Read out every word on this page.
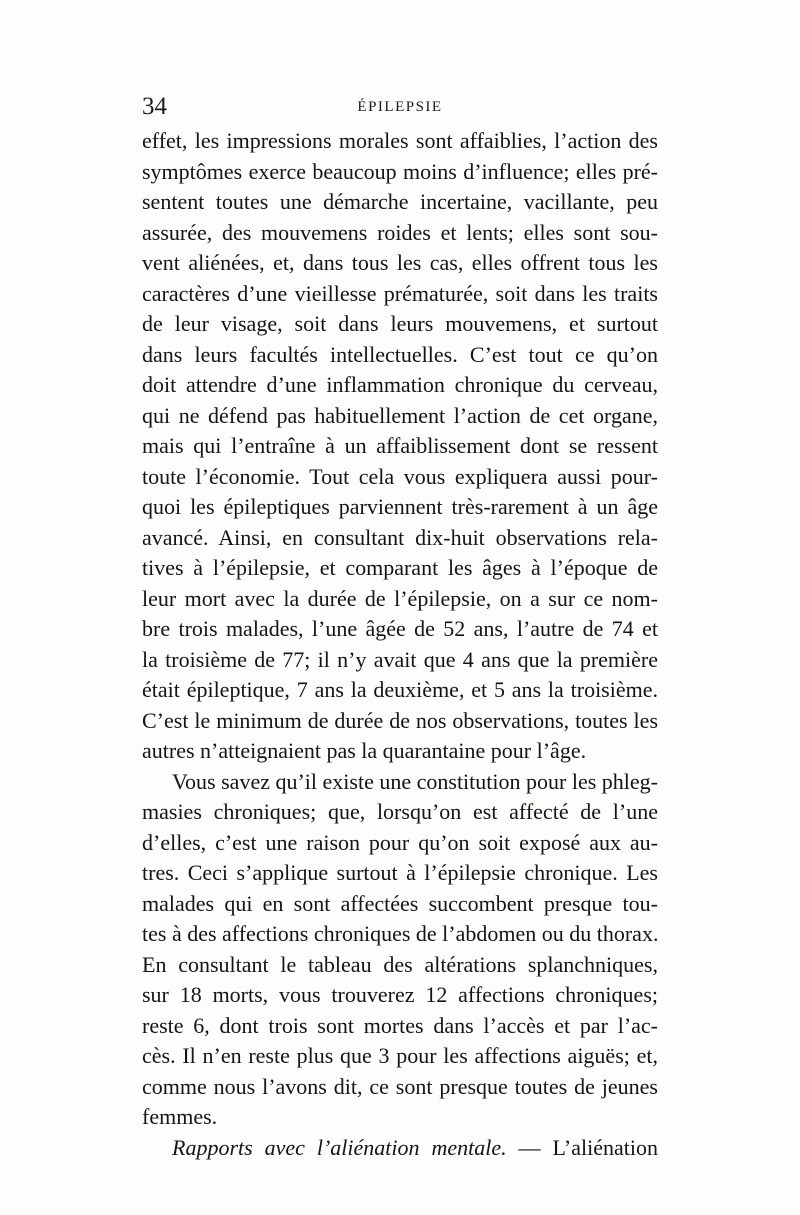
34	ÉPILEPSIE
effet, les impressions morales sont affaiblies, l’action des
symptômes exerce beaucoup moins d’influence; elles pré-
sentent toutes une démarche incertaine, vacillante, peu
assurée, des mouvemens roides et lents; elles sont sou-
vent aliénées, et, dans tous les cas, elles offrent tous les
caractères d’une vieillesse prématurée, soit dans les traits
de leur visage, soit dans leurs mouvemens, et surtout
dans leurs facultés intellectuelles. C’est tout ce qu’on
doit attendre d’une inflammation chronique du cerveau,
qui ne défend pas habituellement l’action de cet organe,
mais qui l’entraîne à un affaiblissement dont se ressent
toute l’économie. Tout cela vous expliquera aussi pour-
quoi les épileptiques parviennent très-rarement à un âge
avancé. Ainsi, en consultant dix-huit observations rela-
tives à l’épilepsie, et comparant les âges à l’époque de
leur mort avec la durée de l’épilepsie, on a sur ce nom-
bre trois malades, l’une âgée de 52 ans, l’autre de 74 et
la troisième de 77; il n’y avait que 4 ans que la première
était épileptique, 7 ans la deuxième, et 5 ans la troisième.
C’est le minimum de durée de nos observations, toutes les
autres n’atteignaient pas la quarantaine pour l’âge.
Vous savez qu’il existe une constitution pour les phleg-
masies chroniques; que, lorsqu’on est affecté de l’une
d’elles, c’est une raison pour qu’on soit exposé aux au-
tres. Ceci s’applique surtout à l’épilepsie chronique. Les
malades qui en sont affectées succombent presque tou-
tes à des affections chroniques de l’abdomen ou du thorax.
En consultant le tableau des altérations splanchniques,
sur 18 morts, vous trouverez 12 affections chroniques;
reste 6, dont trois sont mortes dans l’accès et par l’ac-
cès. Il n’en reste plus que 3 pour les affections aiguës; et,
comme nous l’avons dit, ce sont presque toutes de jeunes
femmes.
Rapports avec l’aliénation mentale. — L’aliénation
